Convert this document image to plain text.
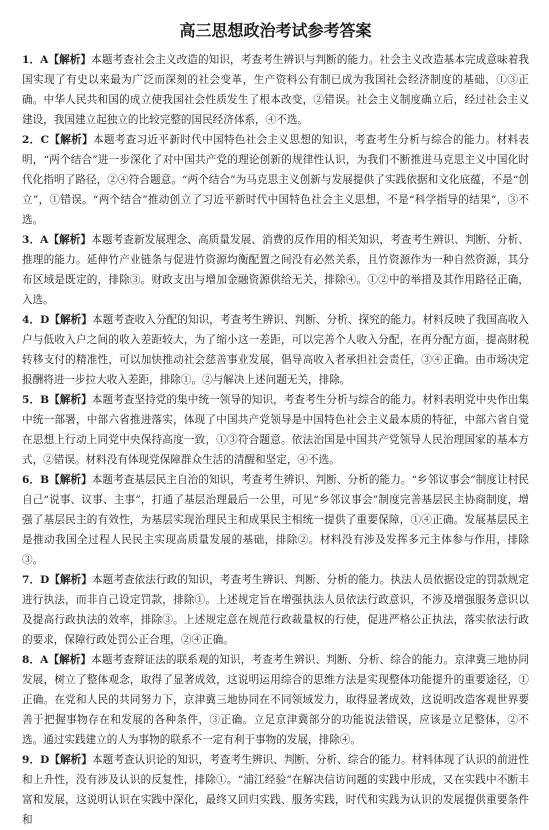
高三思想政治考试参考答案

1．A【解析】本题考查社会主义改造的知识，考查考生辨识与判断的能力。社会主义改造基本完成意味着我国实现了有史以来最为广泛而深刻的社会变革，生产资料公有制已成为我国社会经济制度的基础，①③正确。中华人民共和国的成立使我国社会性质发生了根本改变，②错误。社会主义制度确立后，经过社会主义建设，我国建立起独立的比较完整的国民经济体系，④不选。

2．C【解析】本题考查习近平新时代中国特色社会主义思想的知识，考查考生分析与综合的能力。材料表明，“两个结合”进一步深化了对中国共产党的理论创新的规律性认识，为我们不断推进马克思主义中国化时代化指明了路径，②④符合题意。“两个结合”为马克思主义创新与发展提供了实践依据和文化底蕴，不是“创立”，①错误。“两个结合”推动创立了习近平新时代中国特色社会主义思想，不是“科学指导的结果”，③不选。

3．A【解析】本题考查新发展理念、高质量发展、消费的反作用的相关知识，考查考生辨识、判断、分析、推理的能力。延伸竹产业链条与促进竹资源均衡配置之间没有必然关系，且竹资源作为一种自然资源，其分布区域是既定的，排除③。财政支出与增加金融资源供给无关，排除④。①②中的举措及其作用路径正确，入选。

4．D【解析】本题考查收入分配的知识，考查考生辨识、判断、分析、探究的能力。材料反映了我国高收入户与低收入户之间的收入差距较大，为了缩小这一差距，可以完善个人收入分配，在再分配方面，提高財税转移支付的精准性，可以加快推动社会慈善事业发展，倡导高收入者承担社会责任，③④正确。由市场决定报酬将进一步拉大收入差距，排除①。②与解决上述问题无关，排除。

5．B【解析】本题考查坚持党的集中统一领导的知识，考查考生分析与综合的能力。材料表明党中央作出集中统一部署，中部六省推进落实，体现了中国共产党领导是中国特色社会主义最本质的特征，中部六省自觉在思想上行动上同党中央保持高度一致，①③符合题意。依法治国是中国共产党领导人民治理国家的基本方式，②错误。材料没有体现党保障群众生活的清醒和坚定，④不选。

6．B【解析】本题考查基层民主自治的知识，考查考生辨识、判断、分析的能力。“乡邻议事会”制度让村民自己“说事、议事、主事”，打通了基层治理最后一公里，可见“乡邻议事会”制度完善基层民主协商制度，增强了基层民主的有效性，为基层实现治理民主和成果民主相统一提供了重要保障，①④正确。发展基层民主是推动我国全过程人民民主实现高质量发展的基础，排除②。材料没有涉及发挥多元主体参与作用，排除③。

7．D【解析】本题考查依法行政的知识，考查考生辨识、判断、分析的能力。执法人员依据设定的罚款规定进行执法，而非自己设定罚款，排除①。上述规定旨在增强执法人员依法行政意识，不涉及增强服务意识以及提高行政执法的效率，排除③。上述规定意在规范行政裁量权的行使，促进严格公正执法，落实依法行政的要求，保障行政处罚公正合理，②④正确。

8．A【解析】本题考查辩证法的联系观的知识，考查考生辨识、判断、分析、综合的能力。京津冀三地协同发展，树立了整体观念，取得了显著成效，这说明运用综合的思维方法是实现整体功能提升的重要途径，①正确。在党和人民的共同努力下，京津冀三地协同在不同领域发力，取得显著成效，这说明改造客观世界要善于把握事物存在和发展的各种条件，③正确。立足京津冀部分的功能说法错误，应该是立足整体，②不选。通过实践建立的人为事物的联系不一定有利于事物的发展，排除④。

9．D【解析】本题考查认识论的知识，考查考生辨识、判断、分析、综合的能力。材料体现了认识的前进性和上升性，没有涉及认识的反复性，排除①。“浦江经验”在解决信访问题的实践中形成，又在实践中不断丰富和发展，这说明认识在实践中深化，最终又回归实践、服务实践，时代和实践为认识的发展提供重要条件和
